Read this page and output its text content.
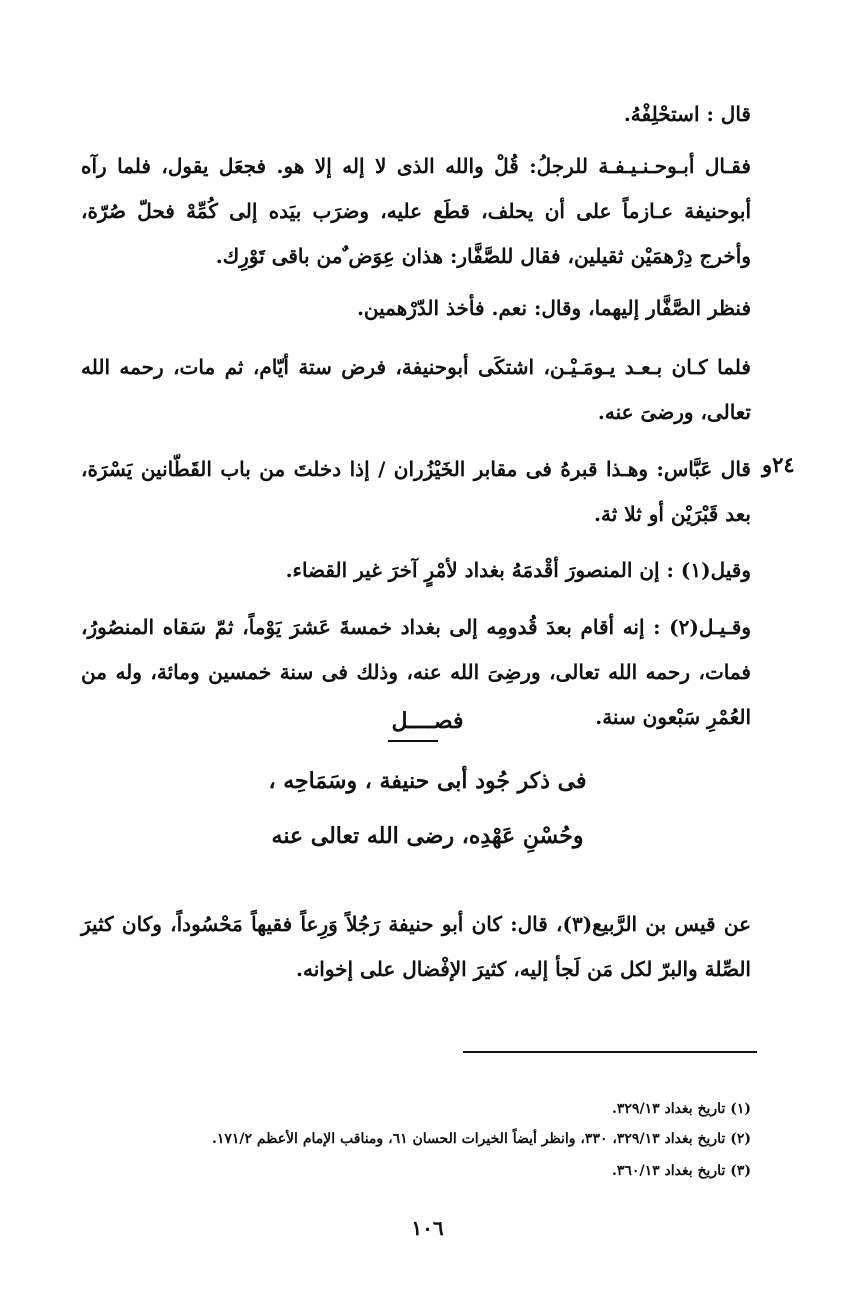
قال : استحْلِفْهُ.

فقـال أبـوحـنـيـفـة للرجلُ: قُلْ والله الذى لا إله إلا هو. فجعَل يقول، فلما رآه أبوحنيفة عـازماً على أن يحلف، قطَع عليه، وضرَب بيَده إلى كُمِّهْ فحلّ صُرّة، وأخرج دِرْهمَيْن ثقيلين، فقال للصَّفَّار: هذان عِوَض ٌمن باقى تَوْرِك.

فنظر الصَّفَّار إليهما، وقال: نعم. فأخذ الدّرْهمين.

فلما كـان بـعـد يـومَـيْـن، اشتكَى أبوحنيفة، فرض ستة أيّام، ثم مات، رحمه الله تعالى، ورضىَ عنه.

٢٤و

قال عَبَّاس: وهـذا قبرهُ فى مقابر الخَيْزُران / إذا دخلتَ من باب القَطّانين يَسْرَة، بعد قَبْرَيْن أو ثلا ثة.

وقيل(١) : إن المنصورَ أقْدمَهُ بغداد لأمْرٍ آخرَ غير القضاء.

وقـيـل(٢) : إنه أقام بعدَ قُدومِه إلى بغداد خمسةَ عَشرَ يَوْماً، ثمّ سَقاه المنصُورُ، فمات، رحمه الله تعالى، ورضِىَ الله عنه، وذلك فى سنة خمسين ومائة، وله من العُمْرِ سَبْعون سنة.

فصــــل
فى ذكر جُود أبى حنيفة ، وسَمَاحِه ،
وحُسْنِ عَهْدِه، رضى الله تعالى عنه

عن قيس بن الرَّبيع(٣)، قال: كان أبو حنيفة رَجُلاً وَرِعاً فقيهاً مَحْسُوداً، وكان كثيرَ الصِّلة والبرّ لكل مَن لَجأ إليه، كثيرَ الإفْضال على إخوانه.

(١) تاريخ بغداد ٣٢٩/١٣.

(٢) تاريخ بغداد ٣٢٩/١٣، ٣٣٠، وانظر أيضاً الخيرات الحسان ٦١، ومناقب الإمام الأعظم ١٧١/٢.

(٣) تاريخ بغداد ٣٦٠/١٣.

١٠٦
